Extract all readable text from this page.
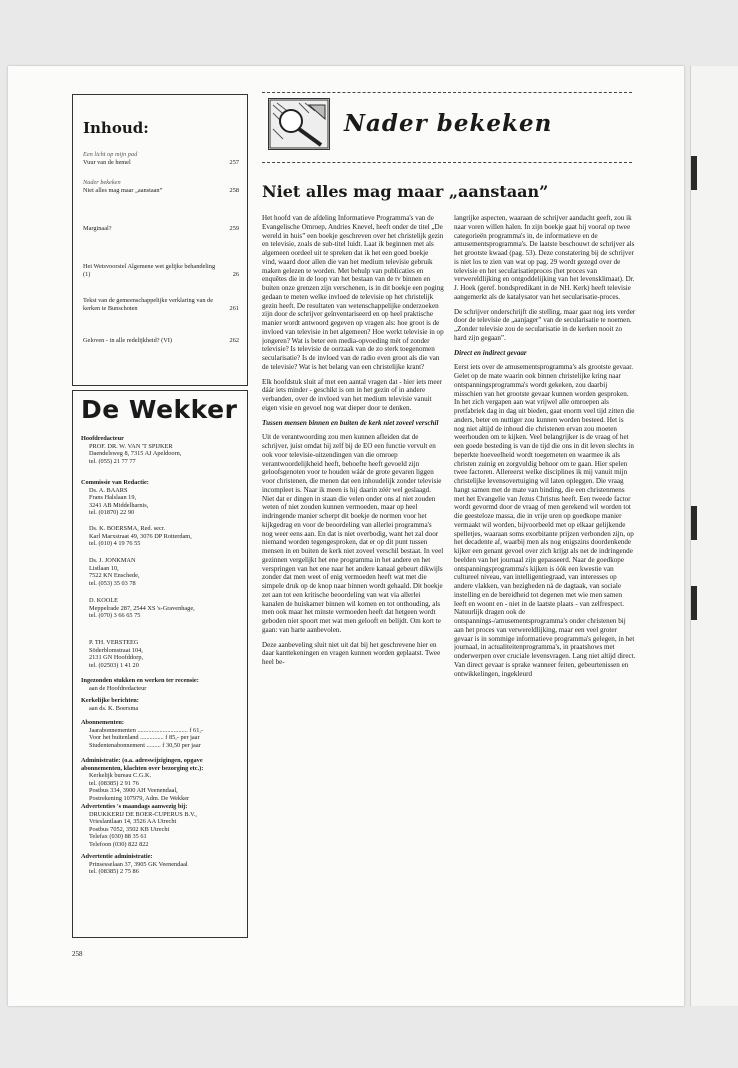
Inhoud:
Een licht op mijn pad

Vuur van de hemel	257
Nader bekeken

Niet alles mag maar „aanstaan”	258
Marginaal?	259
Het Wetsvoorstel Algemene wet gelijke behandeling (1)	26
Tekst van de gemeenschappelijke verklaring van de kerken te Bunschoten	261
Geloven - in alle redelijkheid? (VI)	262
De Wekker
Hoofdredacteur
PROF. DR. W. VAN 'T SPIJKER
Daendelsweg 8, 7315 AJ Apeldoorn,
tel. (055) 21 77 77
Commissie van Redactie:
Ds. A. BAARS
Frans Halslaan 19,
3241 AB Middelharnis,
tel. (01870) 22 90
Ds. K. BOERSMA, Red. secr.
Karl Marxstraat 49, 3076 DP Rotterdam,
tel. (010) 4 19 76 55
Ds. J. JONKMAN
Listlaan 10,
7522 KN Enschede,
tel. (053) 35 03 78
D. KOOLE
Meppelrade 287, 2544 XS 's-Gravenhage,
tel. (070) 3 66 65 75
P. TH. VERSTEEG
Söderblomstraat 104,
2131 GN Hoofddorp,
tel. (02503) 1 41 20
Ingezonden stukken en werken ter recensie:
aan de Hoofdredacteur
Kerkelijke berichten:
aan ds. K. Boersma
Abonnementen:
Jaarabonnementen ................................ f 61,-
Voor het buitenland ............... f 85,- per jaar
Studentenabonnement ......... f 30,50 per jaar
Administratie: (o.a. adreswijzigingen, opgave abonnementen, klachten over bezorging etc.):
Kerkelijk bureau C.G.K.
tel. (08385) 2 91 76
Postbus 334, 3900 AH Veenendaal,
Postrekening 107979, Adm. De Wekker
Advertenties 's maandags aanwezig bij:
DRUKKERIJ DE BOER-CUPERUS B.V.,
Vrieslantlaan 14, 3526 AA Utrecht
Postbus 7052, 3502 KB Utrecht
Telefax (030) 88 35 61
Telefoon (030) 822 822
Advertentie administratie:
Prinsesselaan 37, 3905 GK Veenendaal
tel. (08385) 2 75 86
258
Nader bekeken
Niet alles mag maar „aanstaan”

Het hoofd van de afdeling Informatieve Programma's van de Evangelische Omroep, Andries Knevel, heeft onder de titel „De wereld in huis” een boekje geschreven over het christelijk gezin en televisie, zoals de sub-titel luidt. Laat ik beginnen met als algemeen oordeel uit te spreken dat ik het een goed boekje vind, waard door allen die van het medium televisie gebruik maken gelezen te worden. Met behulp van publicaties en enquêtes die in de loop van het bestaan van de tv binnen en buiten onze grenzen zijn verschenen, is in dit boekje een poging gedaan te meten welke invloed de televisie op het christelijk gezin heeft. De resultaten van wetenschappelijke onderzoeken zijn door de schrijver geïnventariseerd en op heel praktische manier wordt antwoord gegeven op vragen als: hoe groot is de invloed van televisie in het algemeen? Hoe werkt televisie in op jongeren? Wat is beter een media-opvoeding mèt of zonder televisie? Is televisie de oorzaak van de zo sterk toegenomen secularisatie? Is de invloed van de radio even groot als die van de televisie? Wat is het belang van een christelijke krant?

Elk hoofdstuk sluit af met een aantal vragen dat - hier iets meer dáár iets minder - geschikt is om in het gezin of in andere verbanden, over de invloed van het medium televisie vanuit eigen visie en gevoel nog wat dieper door te denken.

Tussen mensen binnen en buiten de kerk niet zoveel verschil

Uit de verantwoording zou men kunnen afleiden dat de schrijver, juist omdat hij zelf bij de EO een functie vervult en ook voor televisie-uitzendingen van die omroep verantwoordelijkheid heeft, behoefte heeft gevoeld zijn geloofsgenoten voor te houden wáár de grote gevaren liggen voor christenen, die menen dat een inhoudelijk zonder televisie incompleet is. Naar ik meen is hij daarin zéér wel geslaagd. Niet dat er dingen in staan die velen onder ons al niet zouden weten of niet zouden kunnen vermoeden, maar op heel indringende manier scherpt dit boekje de normen voor het kijkgedrag en voor de beoordeling van allerlei programma's nog weer eens aan. En dat is niet overbodig, want het zal door niemand worden tegengesproken, dat er op dit punt tussen mensen in en buiten de kerk niet zoveel verschil bestaat. In veel gezinnen vergelijkt het ene programma in het andere en het verspringen van het ene naar het andere kanaal gebeurt dikwijls zonder dat men weet of enig vermoeden heeft wat met die simpele druk op de knop naar binnen wordt gehaald. Dit boekje zet aan tot een kritische beoordeling van wat via allerlei kanalen de huiskamer binnen wil komen en tot onthouding, als men ook maar het minste vermoeden heeft dat hetgeen wordt geboden niet spoort met wat men gelooft en belijdt. Om kort te gaan: van harte aanbevolen.

Deze aanbeveling sluit niet uit dat bij het geschrevene hier en daar kanttekeningen en vragen kunnen worden geplaatst. Twee heel be-

langrijke aspecten, waaraan de schrijver aandacht geeft, zou ik naar voren willen halen. In zijn boekje gaat hij vooral op twee categorieën programma's in, de informatieve en de amusementsprogramma's. De laatste beschouwt de schrijver als het grootste kwaad (pag. 53). Deze constatering bij de schrijver is niet los te zien van wat op pag. 29 wordt gezegd over de televisie en het secularisatieproces (het proces van verwereldlijking en ontgoddelijking van het levensklimaat). Dr. J. Hoek (geref. bondspredikant in de NH. Kerk) heeft televisie aangemerkt als de katalysator van het secularisatie-proces.

De schrijver onderschrijft die stelling, maar gaat nog iets verder door de televisie de „aanjager” van de secularisatie te noemen. „Zonder televisie zou de secularisatie in de kerken nooit zo hard zijn gegaan”.

Direct en indirect gevaar

Eerst iets over de amusementsprogramma's als grootste gevaar. Gelet op de mate waarin ook binnen christelijke kring naar ontspanningsprogramma's wordt gekeken, zou daarbij misschien van het grootste gevaar kunnen worden gesproken. In het zich vergapen aan wat vrijwel alle omroepen als pretfabriek dag in dag uit bieden, gaat enorm veel tijd zitten die anders, beter en nuttiger zou kunnen worden besteed. Het is nog niet altijd de inhoud die christenen ervan zou moeten weerhouden om te kijken. Veel belangrijker is de vraag of het een goede besteding is van de tijd die ons in dit leven slechts in beperkte hoeveelheid wordt toegemeten en waarmee ik als christen zuinig en zorgvuldig behoor om te gaan. Hier spelen twee factoren. Allereerst welke disciplines ik mij vanuit mijn christelijke levensovertuiging wil laten opleggen. Die vraag hangt samen met de mate van binding, die een christenmens met het Evangelie van Jezus Christus heeft. Een tweede factor wordt gevormd door de vraag of men gerekend wil worden tot die geesteloze massa, die in vrije uren op goedkope manier vermaakt wil worden, bijvoorbeeld met op elkaar gelijkende spelletjes, waaraan soms exorbitante prijzen verbonden zijn, op het decadente af, waarbij men als nog enigszins doordenkende kijker een genant gevoel over zich krijgt als net de indringende beelden van het journaal zijn gepasseerd. Naar de goedkope ontspanningsprogramma's kijken is óók een kwestie van cultureel niveau, van intelligentiegraad, van interesses op andere vlakken, van bezigheden nà de dagtaak, van sociale instelling en de bereidheid tot degenen met wie men samen leeft en woont en - niet in de laatste plaats - van zelfrespect. Natuurlijk dragen ook de ontspannings-/amusementsprogramma's onder christenen bij aan het proces van verwereldlijking, maar een veel groter gevaar is in sommige informatieve programma's gelegen, in het journaal, in actualiteitenprogramma's, in praatshows met onderwerpen over cruciale levensvragen. Lang niet altijd direct. Van direct gevaar is sprake wanneer feiten, gebeurtenissen en ontwikkelingen, ingekleurd
